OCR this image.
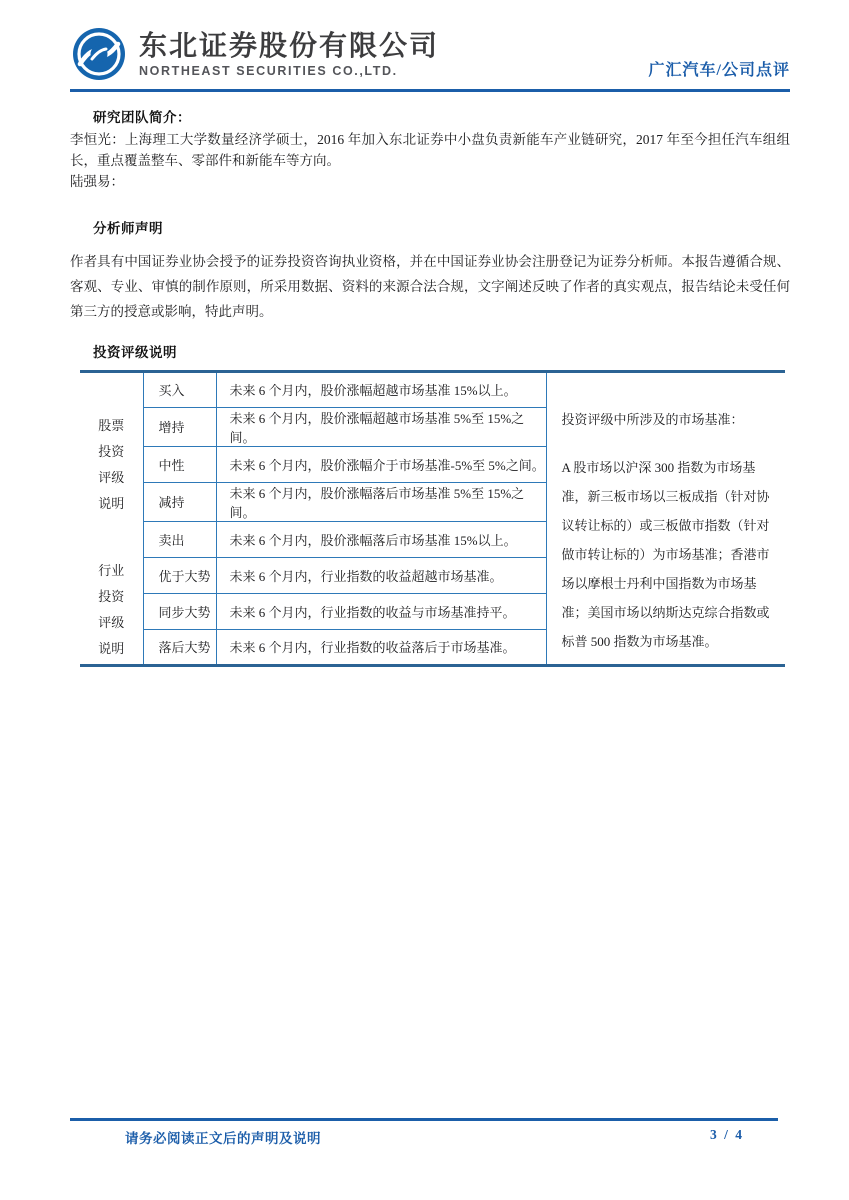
东北证券股份有限公司
NORTHEAST SECURITIES CO.,LTD.	广汇汽车/公司点评
研究团队简介：
李恒光：上海理工大学数量经济学硕士，2016 年加入东北证券中小盘负责新能车产业链研究，2017 年至今担任汽车组组长，重点覆盖整车、零部件和新能车等方向。
陆强易：
分析师声明
作者具有中国证券业协会授予的证券投资咨询执业资格，并在中国证券业协会注册登记为证券分析师。本报告遵循合规、客观、专业、审慎的制作原则，所采用数据、资料的来源合法合规，文字阐述反映了作者的真实观点，报告结论未受任何第三方的授意或影响，特此声明。
投资评级说明
股票投资评级说明	买入	未来 6 个月内，股价涨幅超越市场基准 15%以上。	投资评级中所涉及的市场基准：
A 股市场以沪深 300 指数为市场基准，新三板市场以三板成指（针对协议转让标的）或三板做市指数（针对做市转让标的）为市场基准；香港市场以摩根士丹利中国指数为市场基准；美国市场以纳斯达克综合指数或标普 500 指数为市场基准。

	增持	未来 6 个月内，股价涨幅超越市场基准 5%至 15%之间。	
	中性	未来 6 个月内，股价涨幅介于市场基准-5%至 5%之间。	
	减持	未来 6 个月内，股价涨幅落后市场基准 5%至 15%之间。	
	卖出	未来 6 个月内，股价涨幅落后市场基准 15%以上。	
行业投资评级说明	优于大势	未来 6 个月内，行业指数的收益超越市场基准。	
	同步大势	未来 6 个月内，行业指数的收益与市场基准持平。	
	落后大势	未来 6 个月内，行业指数的收益落后于市场基准。	
请务必阅读正文后的声明及说明	3 / 4
